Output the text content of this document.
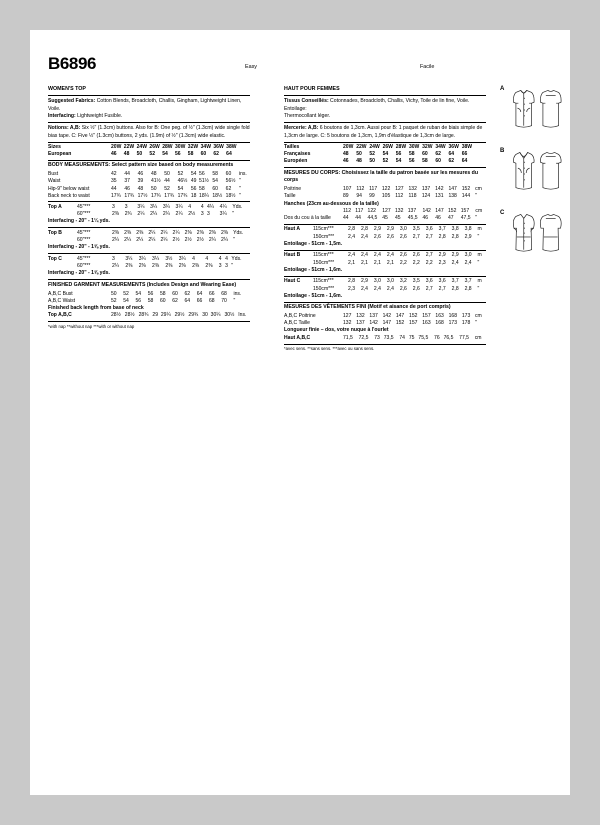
B6896	Easy	Facile
WOMEN'S TOP

Suggested Fabrics: Cotton Blends, Broadcloth, Challis, Gingham, Lightweight Linen, Voile.

Interfacing: Lightweight Fusible.

Notions: A,B: Six ½" (1.3cm) buttons. Also for B: One peg. of ½" (1.3cm) wide single fold bias tape. C: Five ½" (1.3cm) buttons, 2 yds. (1.9m) of ½" (1.3cm) wide elastic.

Sizes	20W	22W	24W	26W	28W	30W	32W	34W	36W	38W	
European	46	48	50	52	54	56	58	60	62	64	
BODY MEASUREMENTS: Select pattern size based on body measurements
Bust	42	44	46	48	50	52	54	56	58	60	ins.
Waist	35	37	39	41½	44	46½	49	51½	54	56½	"
Hip-9" below waist	44	46	48	50	52	54	56	58	60	62	"
Back neck to waist	17¾	17¾	17½	17¾	17¾	17¾	18	18¼	18½	18½	"
Top A	45"***	3	3	3¼	3¼	3¼	3¼	4	4	4¼	4¼	Yds.
	60"***	2⅜	2¾	2¼	2¼	2¼	2¼	2½	3	3	3¼	"

Interfacing - 20" - 1¼ yds.

Top B	45"***	2⅜	2⅜	2⅜	2¼	2¼	2¼	2⅜	2⅜	2⅜	2⅜	Yds.
	60"***	2¼	2¼	2¼	2¼	2¼	2½	2½	2½	2¼	2¼	"

Interfacing - 20" - 1⅝ yds.

Top C	45"***	3	3¼	3¼	3¼	3½	3¼	4	4	4	4	Yds.
	60"***	2¼	2⅜	2⅜	2⅜	2⅜	2⅜	2⅜	2⅜	3	3	"

Interfacing - 20" - 1⅝ yds.

FINISHED GARMENT MEASUREMENTS (Includes Design and Wearing Ease)
A,B,C Bust	50	52	54	56	58	60	62	64	66	68	ins.
A,B,C Waist	52	54	56	58	60	62	64	66	68	70	"

Finished back length from base of neck

Top A,B,C	28½	28½	28¾	29	29¼	29½	29¾	30	30¼	30½	Ins.

*with nap **without nap ***with or without nap

HAUT POUR FEMMES

Tissus Conseillés: Cotonnades, Broadcloth, Challis, Vichy, Toile de lin fine, Voile. Entoilage:

Thermocollant léger.

Mercerie: A,B: 6 boutons de 1,3cm. Aussi pour B: 1 paquet de ruban de biais simple de 1,3cm de large. C: 5 boutons de 1,3cm, 1,9m d'élastique de 1,3cm de large.

Tailles	20W	22W	24W	26W	28W	30W	32W	34W	36W	38W	
Françaises	48	50	52	54	56	58	60	62	64	66	
Européen	46	48	50	52	54	56	58	60	62	64	
MESURES DU CORPS: Choisissez la taille du patron basée sur les mesures du corps
Poitrine	107	112	117	122	127	132	137	142	147	152	cm
Taille	89	94	99	105	112	118	124	131	138	144	"

Hanches (23cm au-dessous de la taille)

	112	117	122	127	132	137	142	147	152	157	cm
Dos du cou à la taille	44	44	44,5	45	45	45,5	46	46	47	47,5	"
Haut A	115cm***	2,8	2,8	2,9	2,9	3,0	3,5	3,6	3,7	3,8	3,8	m
	150cm***	2,4	2,4	2,6	2,6	2,6	2,7	2,7	2,8	2,8	2,9	"

Entoilage - 51cm - 1,5m.

Haut B	115cm***	2,4	2,4	2,4	2,4	2,6	2,6	2,7	2,9	2,9	3,0	m
	150cm***	2,1	2,1	2,1	2,1	2,2	2,2	2,2	2,3	2,4	2,4	"

Entoilage - 51cm - 1,6m.

Haut C	115cm***	2,8	2,9	3,0	3,0	3,2	3,5	3,6	3,6	3,7	3,7	m
	150cm***	2,3	2,4	2,4	2,4	2,6	2,6	2,7	2,7	2,8	2,8	"

Entoilage - 51cm - 1,6m.

MESURES DES VÊTEMENTS FINI (Motif et aisance de port compris)
A,B,C Poitrine	127	132	137	142	147	152	157	163	168	173	cm
A,B,C Taille	132	137	142	147	152	157	163	168	173	178	"

Longueur finie – dos, votre nuque à l'ourlet

Haut A,B,C	71,5	72,5	73	73,5	74	75	75,5	76	76,5	77,5	cm

*avec sens. **sans sens. ***avec ou sans sens.

A
B
C
